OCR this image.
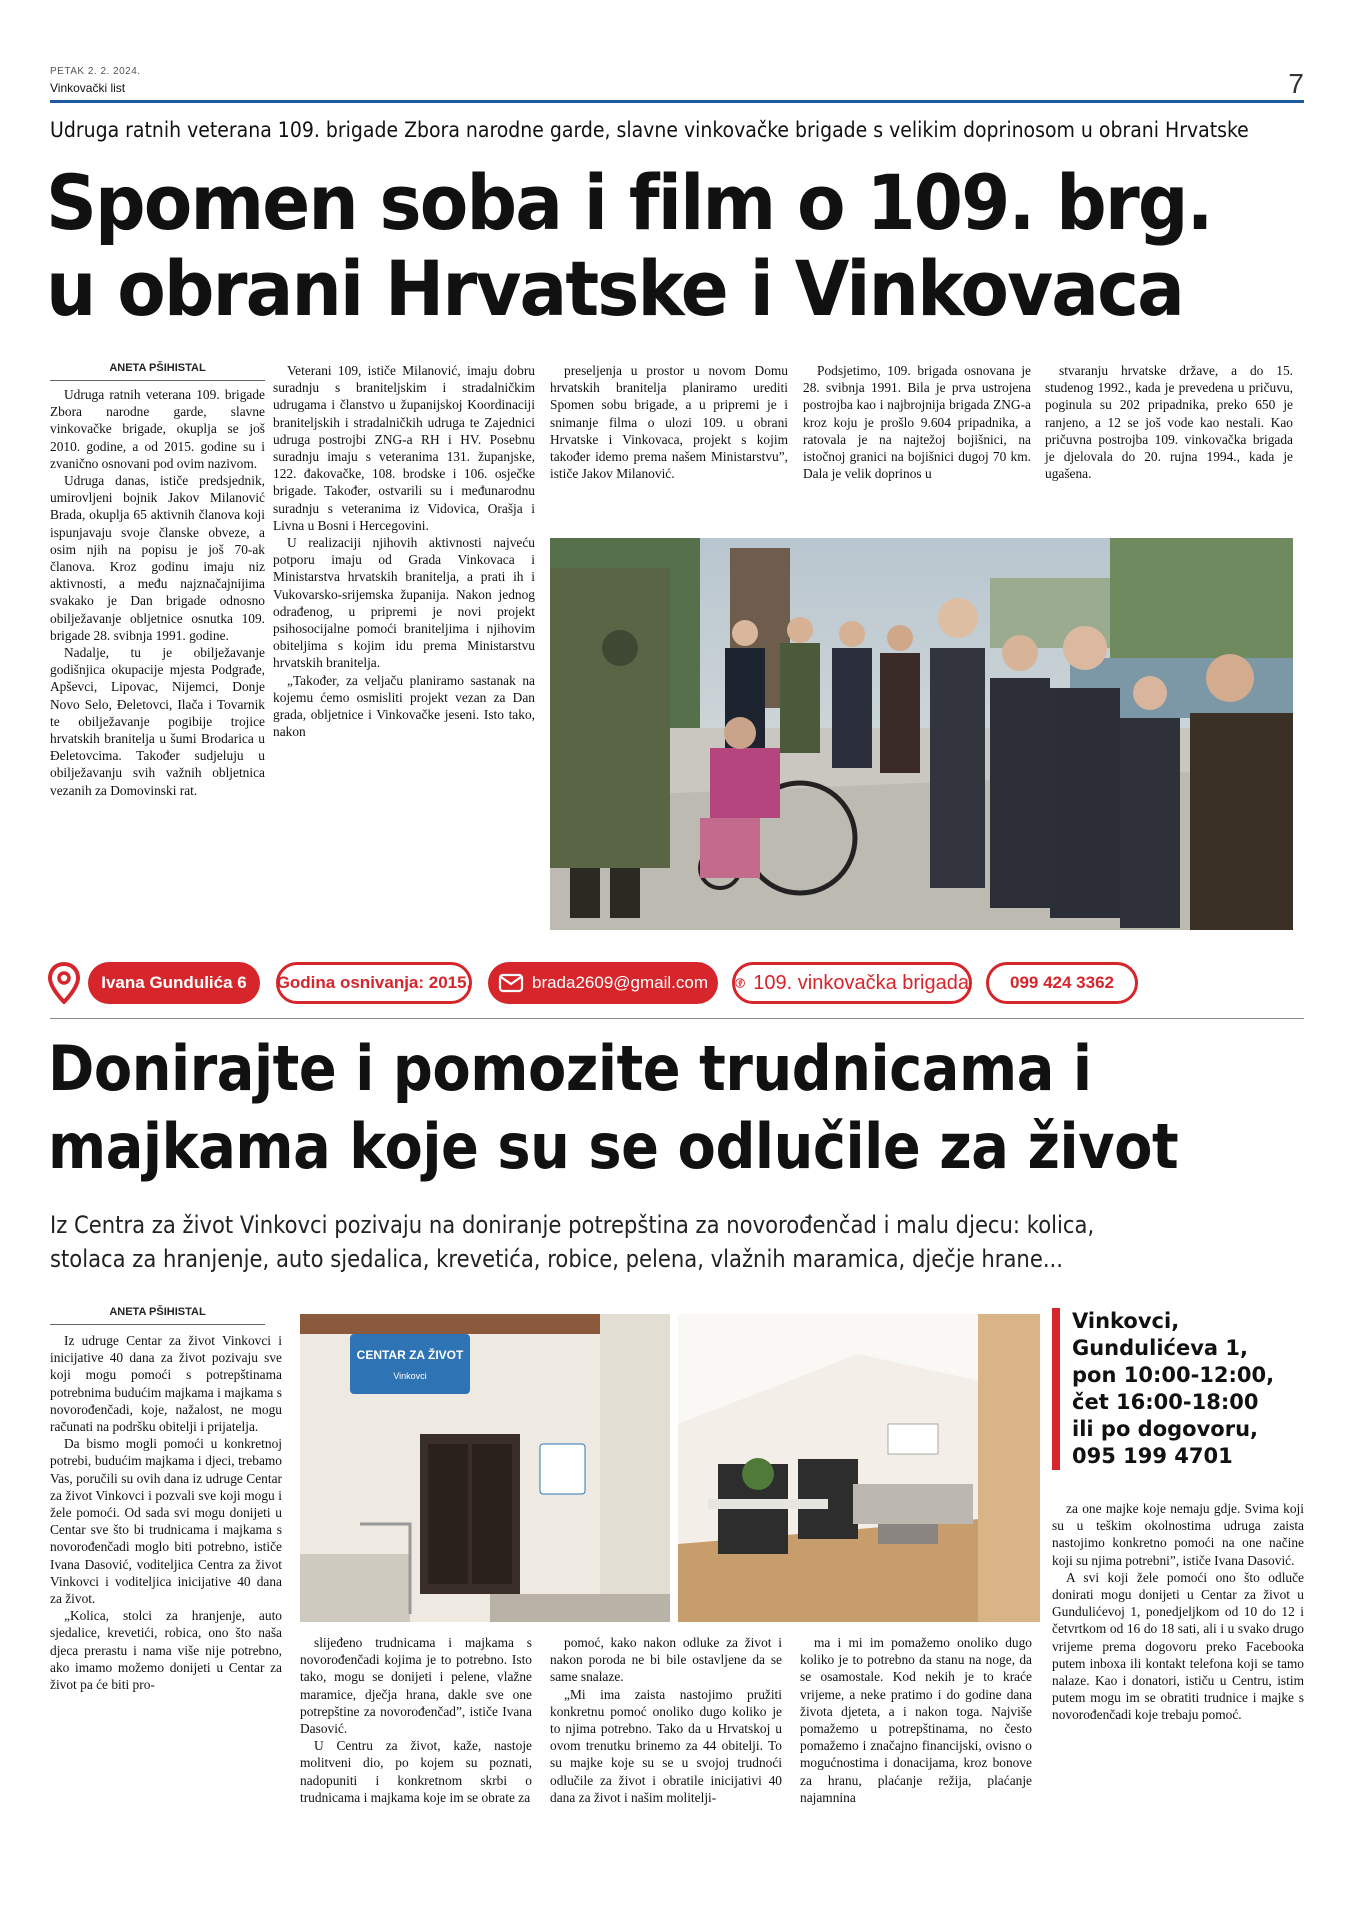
PETAK 2. 2. 2024.
Vinkovački list	7
Udruga ratnih veterana 109. brigade Zbora narodne garde, slavne vinkovačke brigade s velikim doprinosom u obrani Hrvatske
Spomen soba i film o 109. brg.
u obrani Hrvatske i Vinkovaca
ANETA PŠIHISTAL

Udruga ratnih veterana 109. brigade Zbora narodne garde, slavne vinkovačke brigade, okuplja se još 2010. godine, a od 2015. godine su i zvanično osnovani pod ovim nazivom.

Udruga danas, ističe predsjednik, umirovljeni bojnik Jakov Milanović Brada, okuplja 65 aktivnih članova koji ispunjavaju svoje članske obveze, a osim njih na popisu je još 70-ak članova. Kroz godinu imaju niz aktivnosti, a među najznačajnijima svakako je Dan brigade odnosno obilježavanje obljetnice osnutka 109. brigade 28. svibnja 1991. godine.

Nadalje, tu je obilježavanje godišnjica okupacije mjesta Podgrađe, Apševci, Lipovac, Nijemci, Donje Novo Selo, Đeletovci, Ilača i Tovarnik te obilježavanje pogibije trojice hrvatskih branitelja u šumi Brodarica u Đeletovcima. Također sudjeluju u obilježavanju svih važnih obljetnica vezanih za Domovinski rat.

Veterani 109, ističe Milanović, imaju dobru suradnju s braniteljskim i stradalničkim udrugama i članstvo u županijskoj Koordinaciji braniteljskih i stradalničkih udruga te Zajednici udruga postrojbi ZNG-a RH i HV. Posebnu suradnju imaju s veteranima 131. županjske, 122. đakovačke, 108. brodske i 106. osječke brigade. Također, ostvarili su i međunarodnu suradnju s veteranima iz Vidovica, Orašja i Livna u Bosni i Hercegovini.

U realizaciji njihovih aktivnosti najveću potporu imaju od Grada Vinkovaca i Ministarstva hrvatskih branitelja, a prati ih i Vukovarsko-srijemska županija. Nakon jednog odrađenog, u pripremi je novi projekt psihosocijalne pomoći braniteljima i njihovim obiteljima s kojim idu prema Ministarstvu hrvatskih branitelja.

„Također, za veljaču planiramo sastanak na kojemu ćemo osmisliti projekt vezan za Dan grada, obljetnice i Vinkovačke jeseni. Isto tako, nakon

preseljenja u prostor u novom Domu hrvatskih branitelja planiramo urediti Spomen sobu brigade, a u pripremi je i snimanje filma o ulozi 109. u obrani Hrvatske i Vinkovaca, projekt s kojim također idemo prema našem Ministarstvu”, ističe Jakov Milanović.

Podsjetimo, 109. brigada osnovana je 28. svibnja 1991. Bila je prva ustrojena postrojba kao i najbrojnija brigada ZNG-a kroz koju je prošlo 9.604 pripadnika, a ratovala je na najtežoj bojišnici, na istočnoj granici na bojišnici dugoj 70 km. Dala je velik doprinos u

stvaranju hrvatske države, a do 15. studenog 1992., kada je prevedena u pričuvu, poginula su 202 pripadnika, preko 650 je ranjeno, a 12 se još vode kao nestali. Kao pričuvna postrojba 109. vinkovačka brigada je djelovala do 20. rujna 1994., kada je ugašena.

Ivana Gundulića 6	Godina osnivanja: 2015.	brada2609@gmail.com 109. vinkovačka brigada	099 424 3362
Donirajte i pomozite trudnicama i
majkama koje su se odlučile za život
Iz Centra za život Vinkovci pozivaju na doniranje potrepština za novorođenčad i malu djecu: kolica,
stolaca za hranjenje, auto sjedalica, krevetića, robice, pelena, vlažnih maramica, dječje hrane...
ANETA PŠIHISTAL
CENTAR ZA ŽIVOT
Vinkovci
Vinkovci,
Gundulićeva 1,
pon 10:00-12:00,
čet 16:00-18:00
ili po dogovoru,
095 199 4701

Iz udruge Centar za život Vinkovci i inicijative 40 dana za život pozivaju sve koji mogu pomoći s potrepštinama potrebnima budućim majkama i majkama s novorođenčadi, koje, nažalost, ne mogu računati na podršku obitelji i prijatelja.

Da bismo mogli pomoći u konkretnoj potrebi, budućim majkama i djeci, trebamo Vas, poručili su ovih dana iz udruge Centar za život Vinkovci i pozvali sve koji mogu i žele pomoći. Od sada svi mogu donijeti u Centar sve što bi trudnicama i majkama s novorođenčadi moglo biti potrebno, ističe Ivana Dasović, voditeljica Centra za život Vinkovci i voditeljica inicijative 40 dana za život.

„Kolica, stolci za hranjenje, auto sjedalice, krevetići, robica, ono što naša djeca prerastu i nama više nije potrebno, ako imamo možemo donijeti u Centar za život pa će biti pro-

slijeđeno trudnicama i majkama s novorođenčadi kojima je to potrebno. Isto tako, mogu se donijeti i pelene, vlažne maramice, dječja hrana, dakle sve one potrepštine za novorođenčad”, ističe Ivana Dasović.

U Centru za život, kaže, nastoje molitveni dio, po kojem su poznati, nadopuniti i konkretnom skrbi o trudnicama i majkama koje im se obrate za

pomoć, kako nakon odluke za život i nakon poroda ne bi bile ostavljene da se same snalaze.

„Mi ima zaista nastojimo pružiti konkretnu pomoć onoliko dugo koliko je to njima potrebno. Tako da u Hrvatskoj u ovom trenutku brinemo za 44 obitelji. To su majke koje su se u svojoj trudnoći odlučile za život i obratile inicijativi 40 dana za život i našim molitelji-

ma i mi im pomažemo onoliko dugo koliko je to potrebno da stanu na noge, da se osamostale. Kod nekih je to kraće vrijeme, a neke pratimo i do godine dana života djeteta, a i nakon toga. Najviše pomažemo u potrepštinama, no često pomažemo i značajno financijski, ovisno o mogućnostima i donacijama, kroz bonove za hranu, plaćanje režija, plaćanje najamnina

za one majke koje nemaju gdje. Svima koji su u teškim okolnostima udruga zaista nastojimo konkretno pomoći na one načine koji su njima potrebni”, ističe Ivana Dasović.

A svi koji žele pomoći ono što odluče donirati mogu donijeti u Centar za život u Gundulićevoj 1, ponedjeljkom od 10 do 12 i četvrtkom od 16 do 18 sati, ali i u svako drugo vrijeme prema dogovoru preko Facebooka putem inboxa ili kontakt telefona koji se tamo nalaze. Kao i donatori, ističu u Centru, istim putem mogu im se obratiti trudnice i majke s novorođenčadi koje trebaju pomoć.
